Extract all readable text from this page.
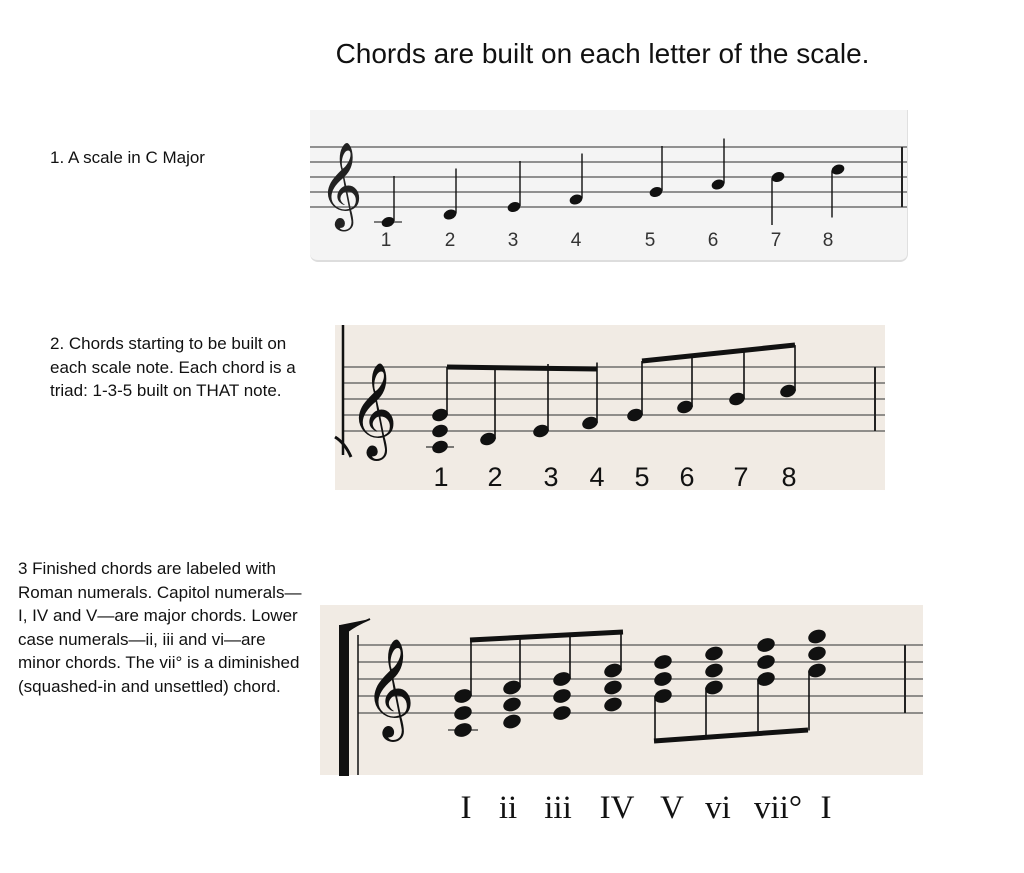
Chords are built on each letter of the scale.
1. A scale in C Major
2. Chords starting to be built on each scale note. Each chord is a triad: 1-3-5 built on THAT note.
3 Finished chords are labeled with Roman numerals. Capitol numerals—I, IV and V—are major chords. Lower case numerals—ii, iii and vi—are minor chords. The vii° is a diminished (squashed-in and unsettled) chord.
𝄞
1	2	3	4	5	6	7 8
𝄞
1 2 3 4 5 6 7 8
𝄞
I ii iii IV V vi vii° I
